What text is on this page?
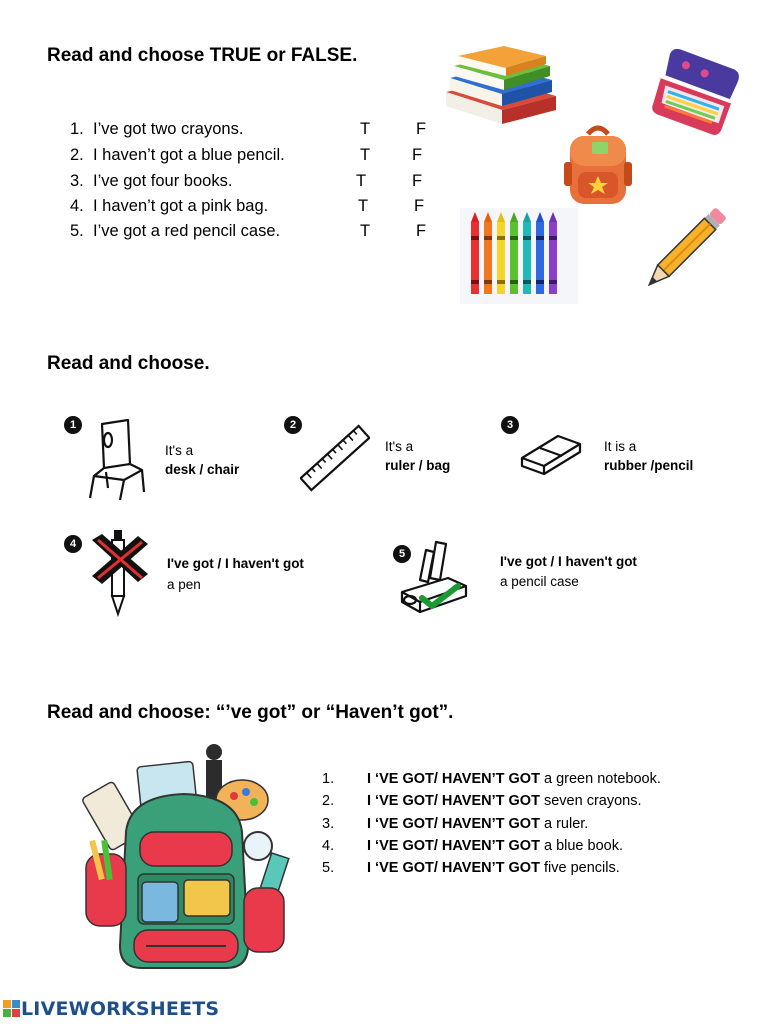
Read and choose TRUE or FALSE.
1. I’ve got two crayons.	T	F
2. I haven’t got a blue pencil.	T	F
3. I’ve got four books.	T	F
4. I haven’t got a pink bag.	T	F
5. I’ve got a red pencil case.	T	F
Read and choose.
1
It's a
desk / chair
2
It's a
ruler / bag
3
It is a
rubber /pencil
4
I've got / I haven't got
a pen
5	I've got / I haven't got
a pencil case
Read and choose: “’ve got” or “Haven’t got”.
1. I ‘VE GOT/ HAVEN’T GOT a green notebook.
2. I ‘VE GOT/ HAVEN’T GOT seven crayons.
3. I ‘VE GOT/ HAVEN’T GOT a ruler.
4. I ‘VE GOT/ HAVEN’T GOT a blue book.
5. I ‘VE GOT/ HAVEN’T GOT five pencils.
LIVEWORKSHEETS
